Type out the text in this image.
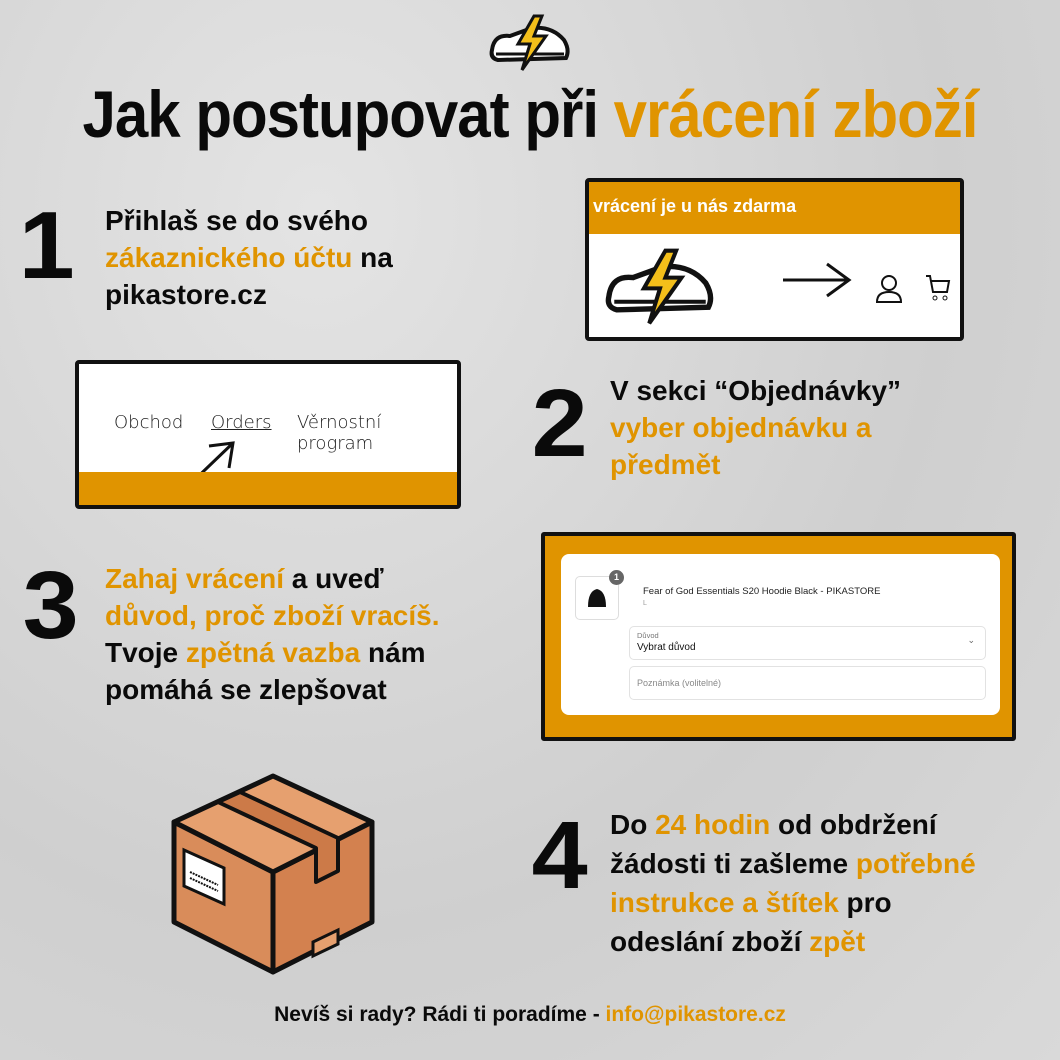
Jak postupovat při vrácení zboží
1 Přihlaš se do svého
zákaznického účtu na
pikastore.cz
vrácení je u nás zdarma
Obchod Orders Věrnostní program	2 V sekci “Objednávky”
vyber objednávku a
předmět
1
Fear of God Essentials S20 Hoodie Black - PIKASTORE
L
Důvod
Vybrat důvod
⌄
Poznámka (volitelné)
3 Zahaj vrácení a uveď
důvod, proč zboží vracíš.
Tvoje zpětná vazba nám
pomáhá se zlepšovat
4 Do 24 hodin od obdržení
žádosti ti zašleme potřebné
instrukce a štítek pro
odeslání zboží zpět
Nevíš si rady? Rádi ti poradíme - info@pikastore.cz
